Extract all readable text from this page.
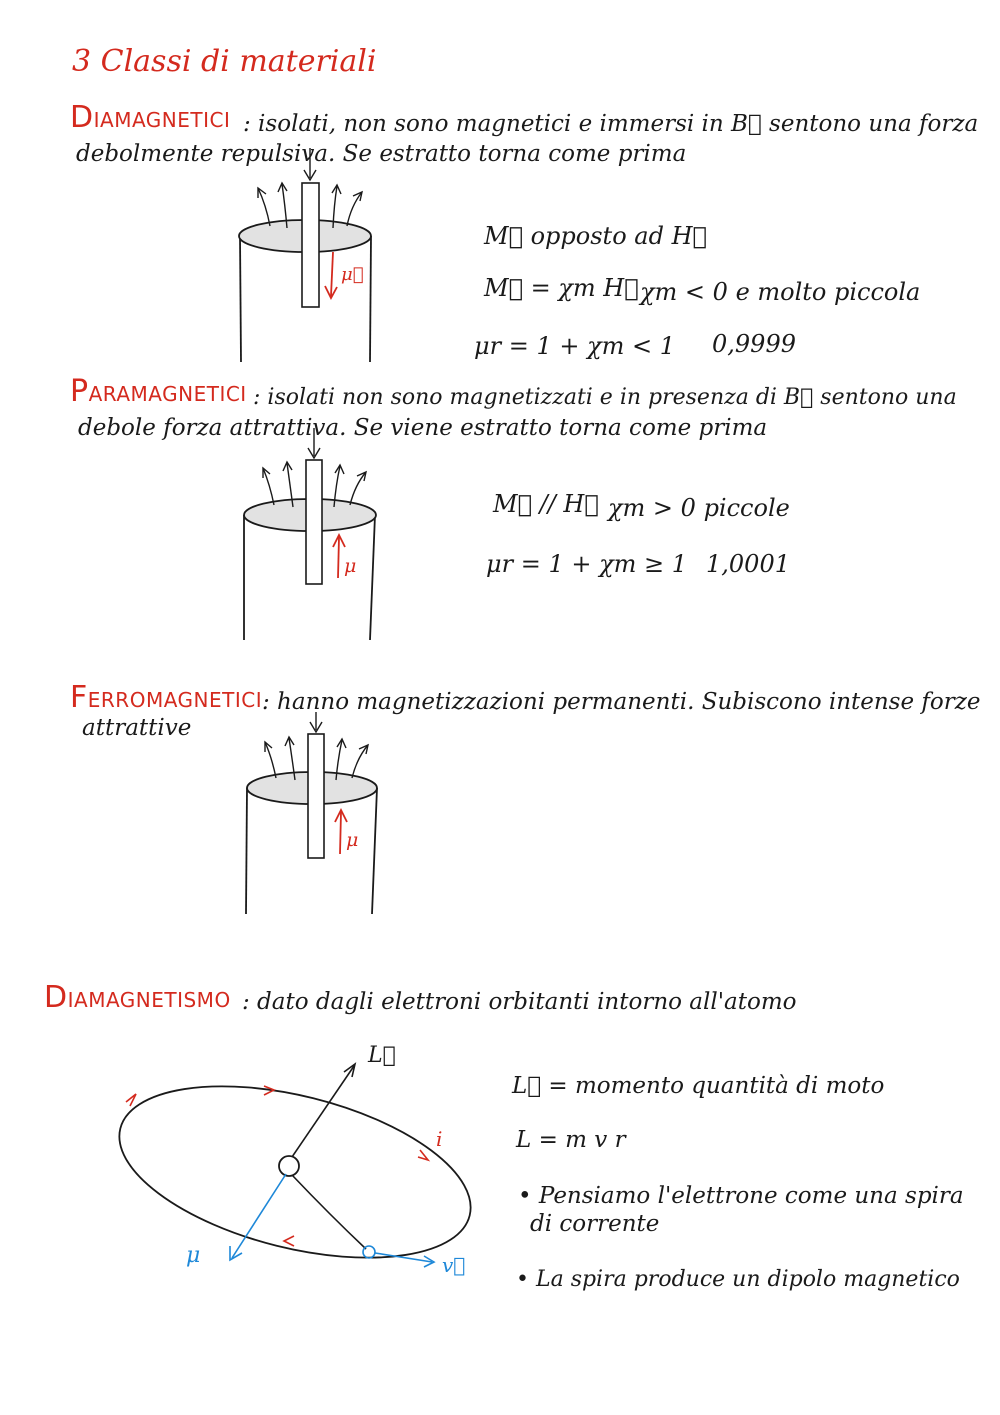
3 Classi di materiali
DIAMAGNETICI : isolati, non sono magnetici e immersi in B⃗ sentono una forza
debolmente repulsiva. Se estratto torna come prima
μ⃗
M⃗ opposto ad H⃗
M⃗ = χm H⃗ χm < 0 e molto piccola
μr = 1 + χm < 1 0,9999
PARAMAGNETICI : isolati non sono magnetizzati e in presenza di B⃗ sentono una
debole forza attrattiva. Se viene estratto torna come prima
μ
M⃗ // H⃗ χm > 0 piccole
μr = 1 + χm ≥ 1 1,0001
FERROMAGNETICI : hanno magnetizzazioni permanenti. Subiscono intense forze
attrattive
μ
DIAMAGNETISMO : dato dagli elettroni orbitanti intorno all'atomo
i
L⃗
μ	v⃗
L⃗ = momento quantità di moto
L = m v r
• Pensiamo l'elettrone come una spira
di corrente
• La spira produce un dipolo magnetico
